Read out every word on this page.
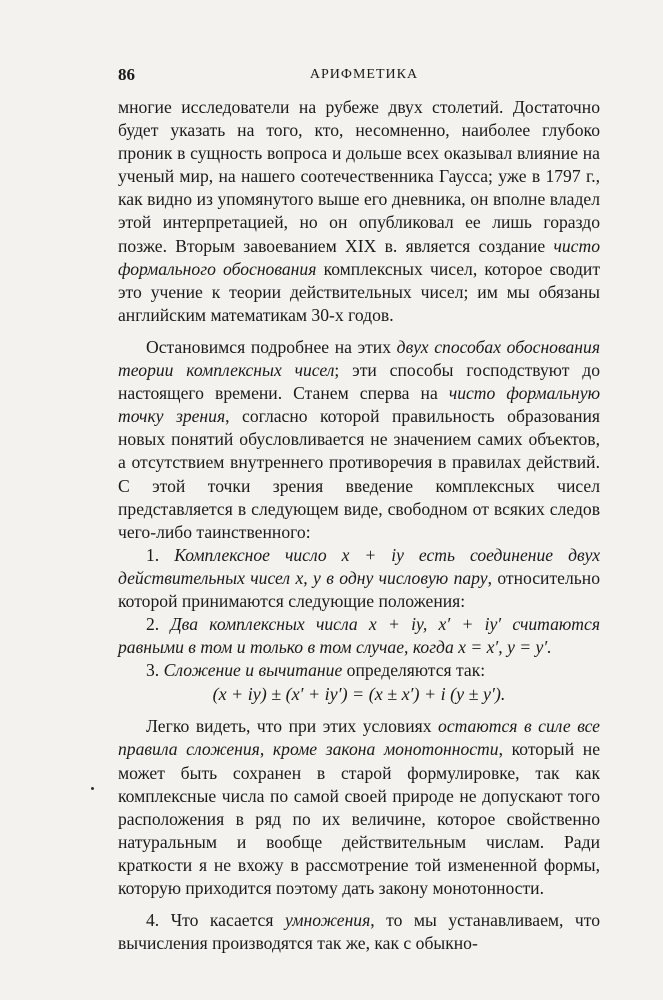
86	АРИФМЕТИКА

многие исследователи на рубеже двух столетий. Достаточно будет указать на того, кто, несомненно, наиболее глубоко проник в сущность вопроса и дольше всех оказывал влияние на ученый мир, на нашего соотечественника Гаусса; уже в 1797 г., как видно из упомянутого выше его дневника, он вполне владел этой интерпретацией, но он опубликовал ее лишь гораздо позже. Вторым завоеванием XIX в. является создание чисто формального обоснования комплексных чисел, которое сводит это учение к теории действительных чисел; им мы обязаны английским математикам 30-х годов.

Остановимся подробнее на этих двух способах обоснования теории комплексных чисел; эти способы господствуют до настоящего времени. Станем сперва на чисто формальную точку зрения, согласно которой правильность образования новых понятий обусловливается не значением самих объектов, а отсутствием внутреннего противоречия в правилах действий. С этой точки зрения введение комплексных чисел представляется в следующем виде, свободном от всяких следов чего-либо таинственного:

1. Комплексное число x + iy есть соединение двух действительных чисел x, y в одну числовую пару, относительно которой принимаются следующие положения:

2. Два комплексных числа x + iy, x′ + iy′ считаются равными в том и только в том случае, когда x = x′, y = y′.

3. Сложение и вычитание определяются так:

(x + iy) ± (x′ + iy′) = (x ± x′) + i (y ± y′).

Легко видеть, что при этих условиях остаются в силе все правила сложения, кроме закона монотонности, который не может быть сохранен в старой формулировке, так как комплексные числа по самой своей природе не допускают того расположения в ряд по их величине, которое свойственно натуральным и вообще действительным числам. Ради краткости я не вхожу в рассмотрение той измененной формы, которую приходится поэтому дать закону монотонности.

4. Что касается умножения, то мы устанавливаем, что вычисления производятся так же, как с обыкно-
